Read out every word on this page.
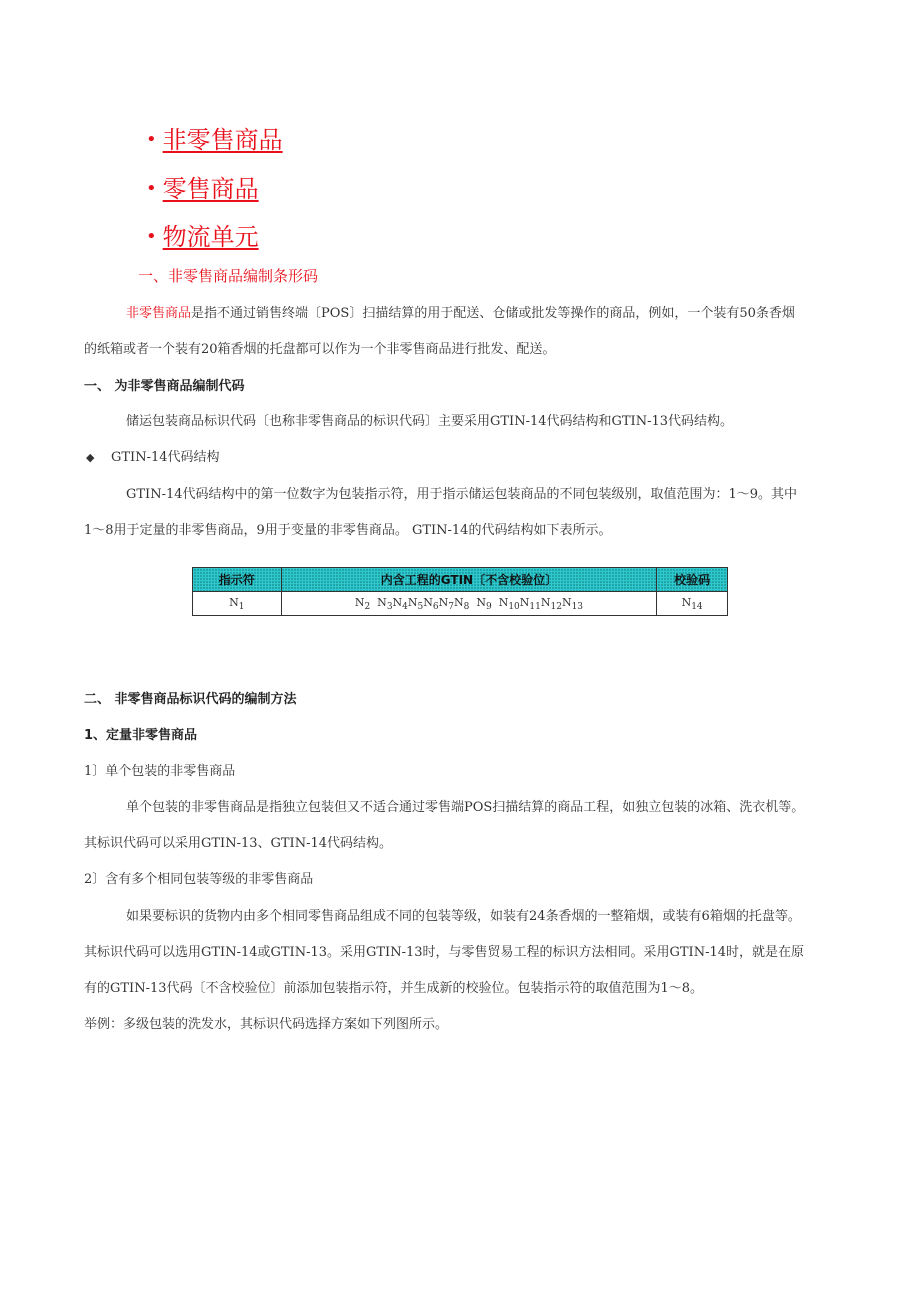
• 非零售商品
• 零售商品
• 物流单元
一、非零售商品编制条形码
非零售商品是指不通过销售终端〔POS〕扫描结算的用于配送、仓储或批发等操作的商品，例如，一个装有50条香烟
的纸箱或者一个装有20箱香烟的托盘都可以作为一个非零售商品进行批发、配送。
一、 为非零售商品编制代码
储运包装商品标识代码〔也称非零售商品的标识代码〕主要采用GTIN-14代码结构和GTIN-13代码结构。
◆ GTIN-14代码结构
GTIN-14代码结构中的第一位数字为包装指示符，用于指示储运包装商品的不同包装级别，取值范围为：1～9。其中
1～8用于定量的非零售商品，9用于变量的非零售商品。 GTIN-14的代码结构如下表所示。
指示符	内含工程的GTIN〔不含校验位〕	校验码
$N_1$	$N_2$  $N_3N_4N_5N_6N_7N_8$  $N_9$  $N_{10}N_{11}N_{12}N_{13}$	$N_{14}$
二、 非零售商品标识代码的编制方法
1、定量非零售商品
1〕单个包装的非零售商品
单个包装的非零售商品是指独立包装但又不适合通过零售端POS扫描结算的商品工程，如独立包装的冰箱、洗衣机等。
其标识代码可以采用GTIN-13、GTIN-14代码结构。
2〕含有多个相同包装等级的非零售商品
如果要标识的货物内由多个相同零售商品组成不同的包装等级，如装有24条香烟的一整箱烟，或装有6箱烟的托盘等。
其标识代码可以选用GTIN-14或GTIN-13。采用GTIN-13时，与零售贸易工程的标识方法相同。采用GTIN-14时，就是在原
有的GTIN-13代码〔不含校验位〕前添加包装指示符，并生成新的校验位。包装指示符的取值范围为1～8。
举例：多级包装的洗发水，其标识代码选择方案如下列图所示。
